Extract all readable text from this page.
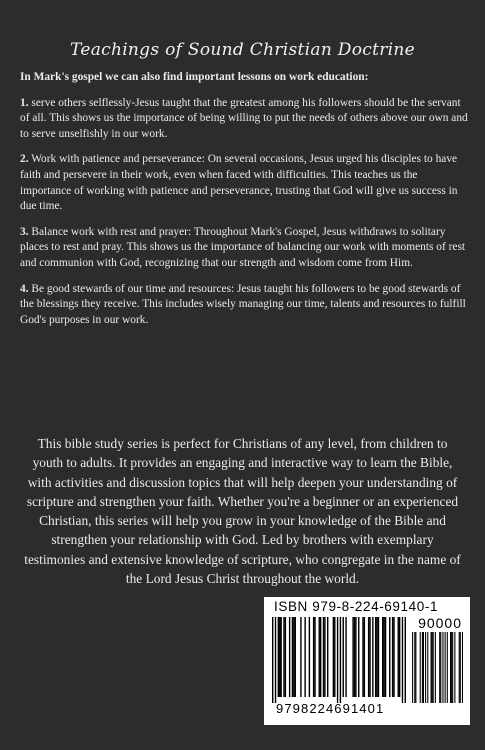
Teachings of Sound Christian Doctrine

In Mark's gospel we can also find important lessons on work education:

1. serve others selflessly-Jesus taught that the greatest among his followers should be the servant of all. This shows us the importance of being willing to put the needs of others above our own and to serve unselfishly in our work.

2. Work with patience and perseverance: On several occasions, Jesus urged his disciples to have faith and persevere in their work, even when faced with difficulties. This teaches us the importance of working with patience and perseverance, trusting that God will give us success in due time.

3. Balance work with rest and prayer: Throughout Mark's Gospel, Jesus withdraws to solitary places to rest and pray. This shows us the importance of balancing our work with moments of rest and communion with God, recognizing that our strength and wisdom come from Him.

4. Be good stewards of our time and resources: Jesus taught his followers to be good stewards of the blessings they receive. This includes wisely managing our time, talents and resources to fulfill God's purposes in our work.

This bible study series is perfect for Christians of any level, from children to youth to adults. It provides an engaging and interactive way to learn the Bible, with activities and discussion topics that will help deepen your understanding of scripture and strengthen your faith. Whether you're a beginner or an experienced Christian, this series will help you grow in your knowledge of the Bible and strengthen your relationship with God. Led by brothers with exemplary testimonies and extensive knowledge of scripture, who congregate in the name of the Lord Jesus Christ throughout the world.
ISBN 979-8-224-69140-1
90000
9798224691401
